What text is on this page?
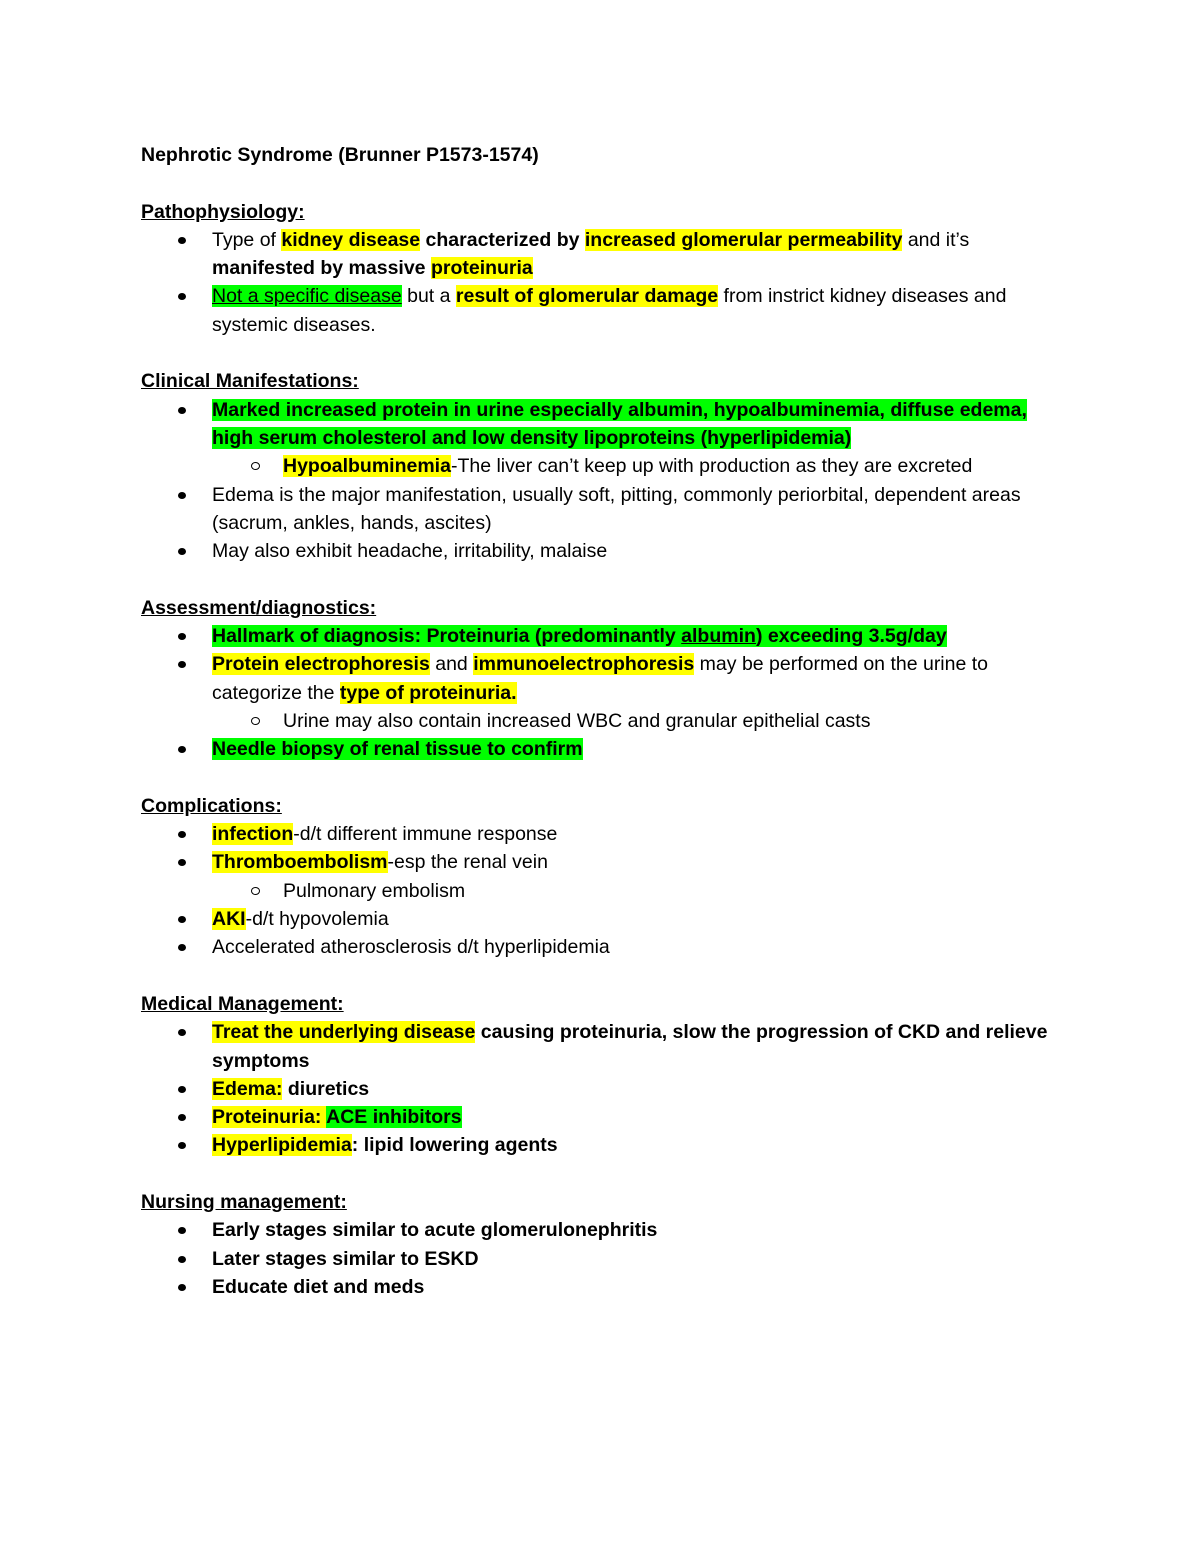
Nephrotic Syndrome (Brunner P1573-1574)

Pathophysiology:
Type of kidney disease characterized by increased glomerular permeability and it’s manifested by massive proteinuria
Not a specific disease but a result of glomerular damage from instrict kidney diseases and systemic diseases.
Clinical Manifestations:
Marked increased protein in urine especially albumin, hypoalbuminemia, diffuse edema, high serum cholesterol and low density lipoproteins (hyperlipidemia)
Hypoalbuminemia-The liver can’t keep up with production as they are excreted
Edema is the major manifestation, usually soft, pitting, commonly periorbital, dependent areas (sacrum, ankles, hands, ascites)
May also exhibit headache, irritability, malaise
Assessment/diagnostics:
Hallmark of diagnosis: Proteinuria (predominantly albumin) exceeding 3.5g/day
Protein electrophoresis and immunoelectrophoresis may be performed on the urine to categorize the type of proteinuria.
Urine may also contain increased WBC and granular epithelial casts
Needle biopsy of renal tissue to confirm
Complications:
infection-d/t different immune response
Thromboembolism-esp the renal vein
Pulmonary embolism
AKI-d/t hypovolemia
Accelerated atherosclerosis d/t hyperlipidemia
Medical Management:
Treat the underlying disease causing proteinuria, slow the progression of CKD and relieve symptoms
Edema: diuretics
Proteinuria: ACE inhibitors
Hyperlipidemia: lipid lowering agents
Nursing management:
Early stages similar to acute glomerulonephritis
Later stages similar to ESKD
Educate diet and meds
